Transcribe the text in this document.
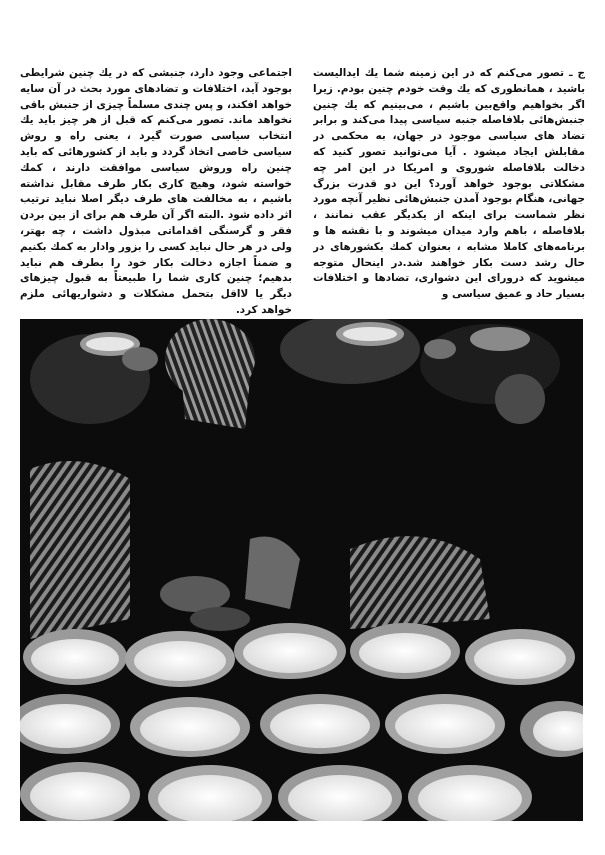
ج ـ تصور می‌کنم که در این زمینه شما یك ایدالیست باشید ، همانطوری که یك وقت خودم چنین بودم. زیرا اگر بخواهیم واقع‌بین باشیم ، می‌بینیم که یك چنین جنبش‌هائی بلافاصله جنبه سیاسی پیدا می‌کند و برابر تضاد های سیاسی موجود در جهان، به محکمی در مقابلش ایجاد میشود . آیا می‌توانید تصور کنید که دخالت بلافاصله شوروی و امریکا در این امر چه مشکلاتی بوجود خواهد آورد؟ این دو قدرت بزرگ جهانی، هنگام بوجود آمدن جنبش‌هائی نظیر آنچه مورد نظر شماست برای اینکه از یکدیگر عقب نمانند ، بلافاصله ، باهم وارد میدان میشوند و با نقشه ها و برنامه‌های کاملا مشابه ، بعنوان کمك بکشورهای در حال رشد دست بکار خواهند شد.در اینحال متوجه میشوید که درورای این دشواری، تضادها و اختلافات بسیار حاد و عمیق سیاسی و

اجتماعی وجود دارد، جنبشی که در یك چنین شرایطی بوجود آید، اختلافات و تضادهای مورد بحث در آن سایه خواهد افکند، و پس چندی مسلماً چیزی از جنبش باقی نخواهد ماند. تصور می‌کنم که قبل از هر چیز باید یك انتخاب سیاسی صورت گیرد ، یعنی راه و روش سیاسی خاصی اتخاذ گردد و باید از کشورهائی که باید چنین راه وروش سیاسی موافقت دارند ، کمك خواسته شود، وهیچ کاری بکار طرف مقابل نداشته باشیم ، به مخالفت های طرف دیگر اصلا نباید ترتیب اثر داده شود .البته اگر آن طرف هم برای از بین بردن فقر و گرسنگی اقداماتی مبذول داشت ، چه بهتر، ولی در هر حال نباید کسی را بزور وادار به کمك بکنیم و ضمناً اجازه دخالت بکار خود را بطرف هم نباید بدهیم؛ چنین کاری شما را طبیعتاً به قبول چیزهای دیگر یا لااقل بتحمل مشکلات و دشواریهائی ملزم خواهد کرد.
